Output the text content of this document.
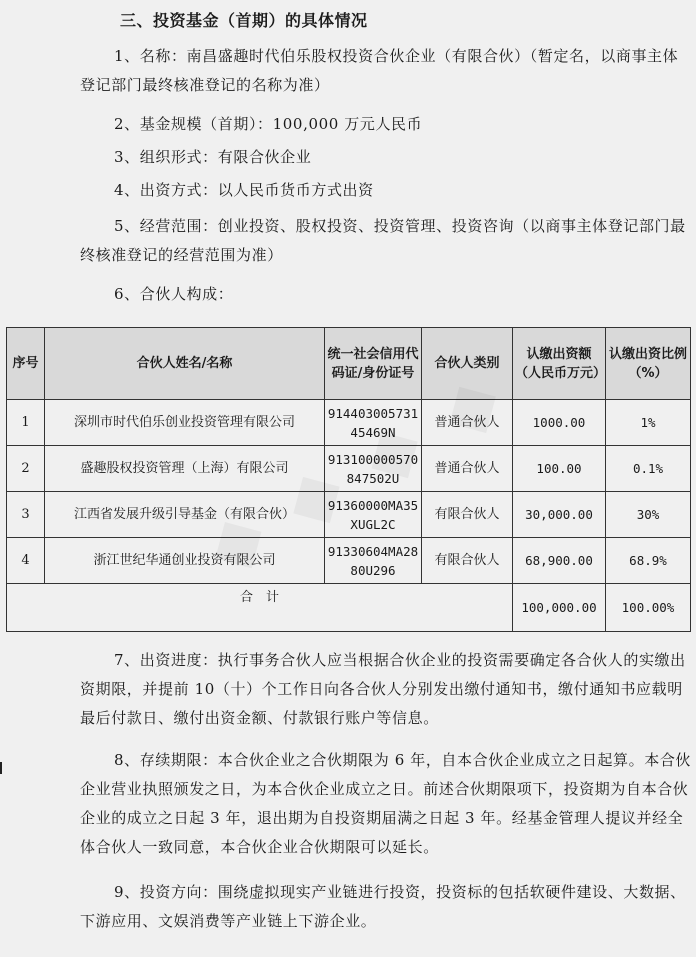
三、投资基金（首期）的具体情况
1、名称：南昌盛趣时代伯乐股权投资合伙企业（有限合伙）（暂定名，以商事主体登记部门最终核准登记的名称为准）
2、基金规模（首期）：100,000 万元人民币
3、组织形式：有限合伙企业
4、出资方式：以人民币货币方式出资
5、经营范围：创业投资、股权投资、投资管理、投资咨询（以商事主体登记部门最终核准登记的经营范围为准）
6、合伙人构成：
序号	合伙人姓名/名称	统一社会信用代码证/身份证号	合伙人类别	认缴出资额（人民币万元）	认缴出资比例（%）
1	深圳市时代伯乐创业投资管理有限公司	91440300573145469N	普通合伙人	1000.00	1%
2	盛趣股权投资管理（上海）有限公司	913100000570847502U	普通合伙人	100.00	0.1%
3	江西省发展升级引导基金（有限合伙）	91360000MA35XUGL2C	有限合伙人	30,000.00	30%
4	浙江世纪华通创业投资有限公司	91330604MA2880U296	有限合伙人	68,900.00	68.9%
合　计				100,000.00	100.00%
7、出资进度：执行事务合伙人应当根据合伙企业的投资需要确定各合伙人的实缴出资期限，并提前 10（十）个工作日向各合伙人分别发出缴付通知书，缴付通知书应载明最后付款日、缴付出资金额、付款银行账户等信息。
8、存续期限：本合伙企业之合伙期限为 6 年，自本合伙企业成立之日起算。本合伙企业营业执照颁发之日，为本合伙企业成立之日。前述合伙期限项下，投资期为自本合伙企业的成立之日起 3 年，退出期为自投资期届满之日起 3 年。经基金管理人提议并经全体合伙人一致同意，本合伙企业合伙期限可以延长。
9、投资方向：围绕虚拟现实产业链进行投资，投资标的包括软硬件建设、大数据、下游应用、文娱消费等产业链上下游企业。
